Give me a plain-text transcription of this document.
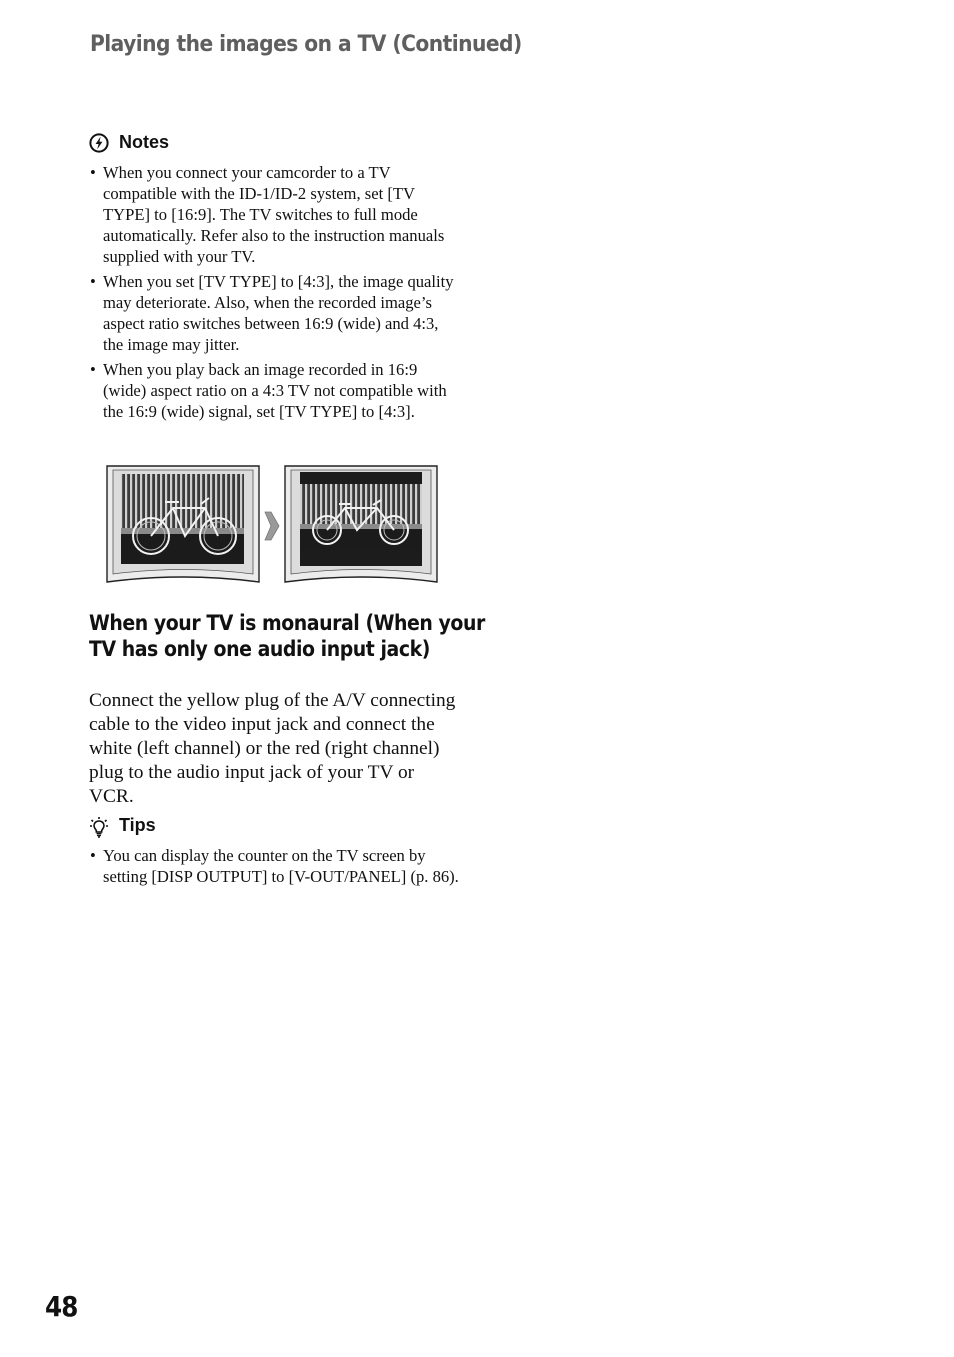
Playing the images on a TV (Continued)
Notes
• When you connect your camcorder to a TV compatible with the ID-1/ID-2 system, set [TV TYPE] to [16:9]. The TV switches to full mode automatically. Refer also to the instruction manuals supplied with your TV.
• When you set [TV TYPE] to [4:3], the image quality may deteriorate. Also, when the recorded image’s aspect ratio switches between 16:9 (wide) and 4:3, the image may jitter.
• When you play back an image recorded in 16:9 (wide) aspect ratio on a 4:3 TV not compatible with the 16:9 (wide) signal, set [TV TYPE] to [4:3].
When your TV is monaural (When your
TV has only one audio input jack)

Connect the yellow plug of the A/V connecting cable to the video input jack and connect the white (left channel) or the red (right channel) plug to the audio input jack of your TV or VCR.

Tips
• You can display the counter on the TV screen by setting [DISP OUTPUT] to [V-OUT/PANEL] (p. 86).
48
